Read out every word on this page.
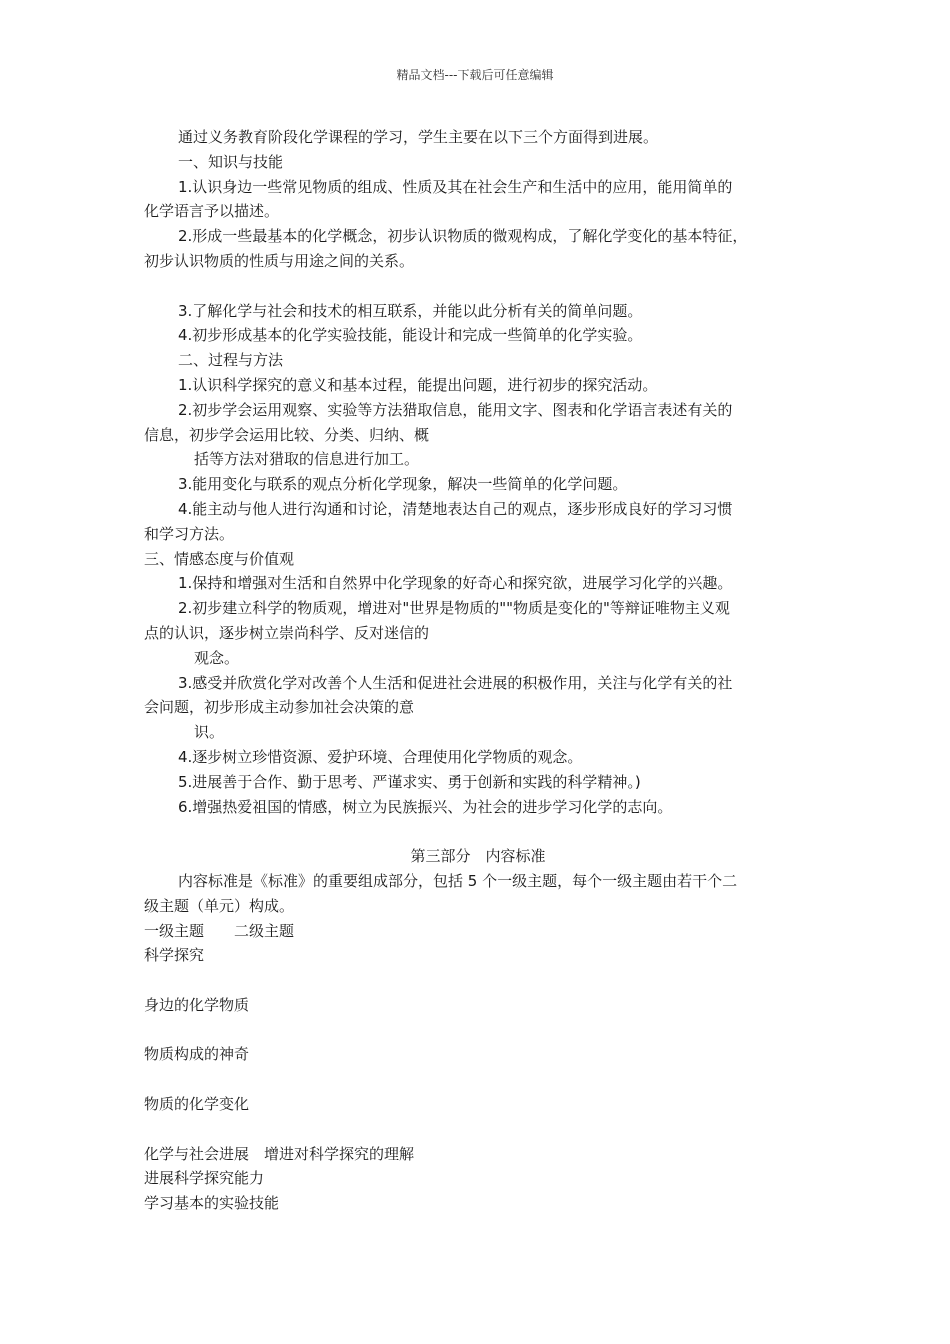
精品文档---下载后可任意编辑
通过义务教育阶段化学课程的学习，学生主要在以下三个方面得到进展。
一、知识与技能
1.认识身边一些常见物质的组成、性质及其在社会生产和生活中的应用，能用简单的
化学语言予以描述。
2.形成一些最基本的化学概念，初步认识物质的微观构成，了解化学变化的基本特征，
初步认识物质的性质与用途之间的关系。
3.了解化学与社会和技术的相互联系，并能以此分析有关的简单问题。
4.初步形成基本的化学实验技能，能设计和完成一些简单的化学实验。
二、过程与方法
1.认识科学探究的意义和基本过程，能提出问题，进行初步的探究活动。
2.初步学会运用观察、实验等方法猎取信息，能用文字、图表和化学语言表述有关的
信息，初步学会运用比较、分类、归纳、概
括等方法对猎取的信息进行加工。
3.能用变化与联系的观点分析化学现象，解决一些简单的化学问题。
4.能主动与他人进行沟通和讨论，清楚地表达自己的观点，逐步形成良好的学习习惯
和学习方法。
三、情感态度与价值观
1.保持和增强对生活和自然界中化学现象的好奇心和探究欲，进展学习化学的兴趣。
2.初步建立科学的物质观，增进对"世界是物质的""物质是变化的"等辩证唯物主义观
点的认识，逐步树立崇尚科学、反对迷信的
观念。
3.感受并欣赏化学对改善个人生活和促进社会进展的积极作用，关注与化学有关的社
会问题，初步形成主动参加社会决策的意
识。
4.逐步树立珍惜资源、爱护环境、合理使用化学物质的观念。
5.进展善于合作、勤于思考、严谨求实、勇于创新和实践的科学精神。)
6.增强热爱祖国的情感，树立为民族振兴、为社会的进步学习化学的志向。
第三部分　内容标准
内容标准是《标准》的重要组成部分，包括 5 个一级主题，每个一级主题由若干个二
级主题（单元）构成。
一级主题　　二级主题
科学探究
身边的化学物质
物质构成的神奇
物质的化学变化
化学与社会进展　增进对科学探究的理解
进展科学探究能力
学习基本的实验技能
